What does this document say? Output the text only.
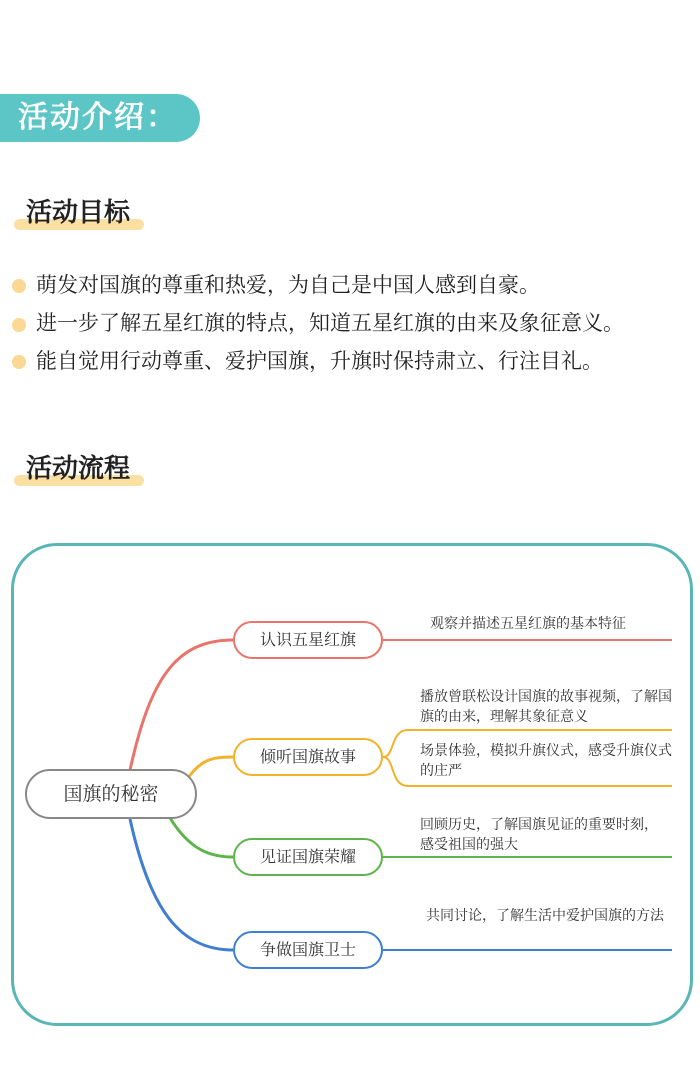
活动介绍：
活动目标
萌发对国旗的尊重和热爱，为自己是中国人感到自豪。
进一步了解五星红旗的特点，知道五星红旗的由来及象征意义。
能自觉用行动尊重、爱护国旗，升旗时保持肃立、行注目礼。
活动流程
国旗的秘密
认识五星红旗
倾听国旗故事
见证国旗荣耀
争做国旗卫士
观察并描述五星红旗的基本特征
播放曾联松设计国旗的故事视频，了解国旗的由来，理解其象征意义
场景体验，模拟升旗仪式，感受升旗仪式的庄严
回顾历史，了解国旗见证的重要时刻，感受祖国的强大
共同讨论，了解生活中爱护国旗的方法
